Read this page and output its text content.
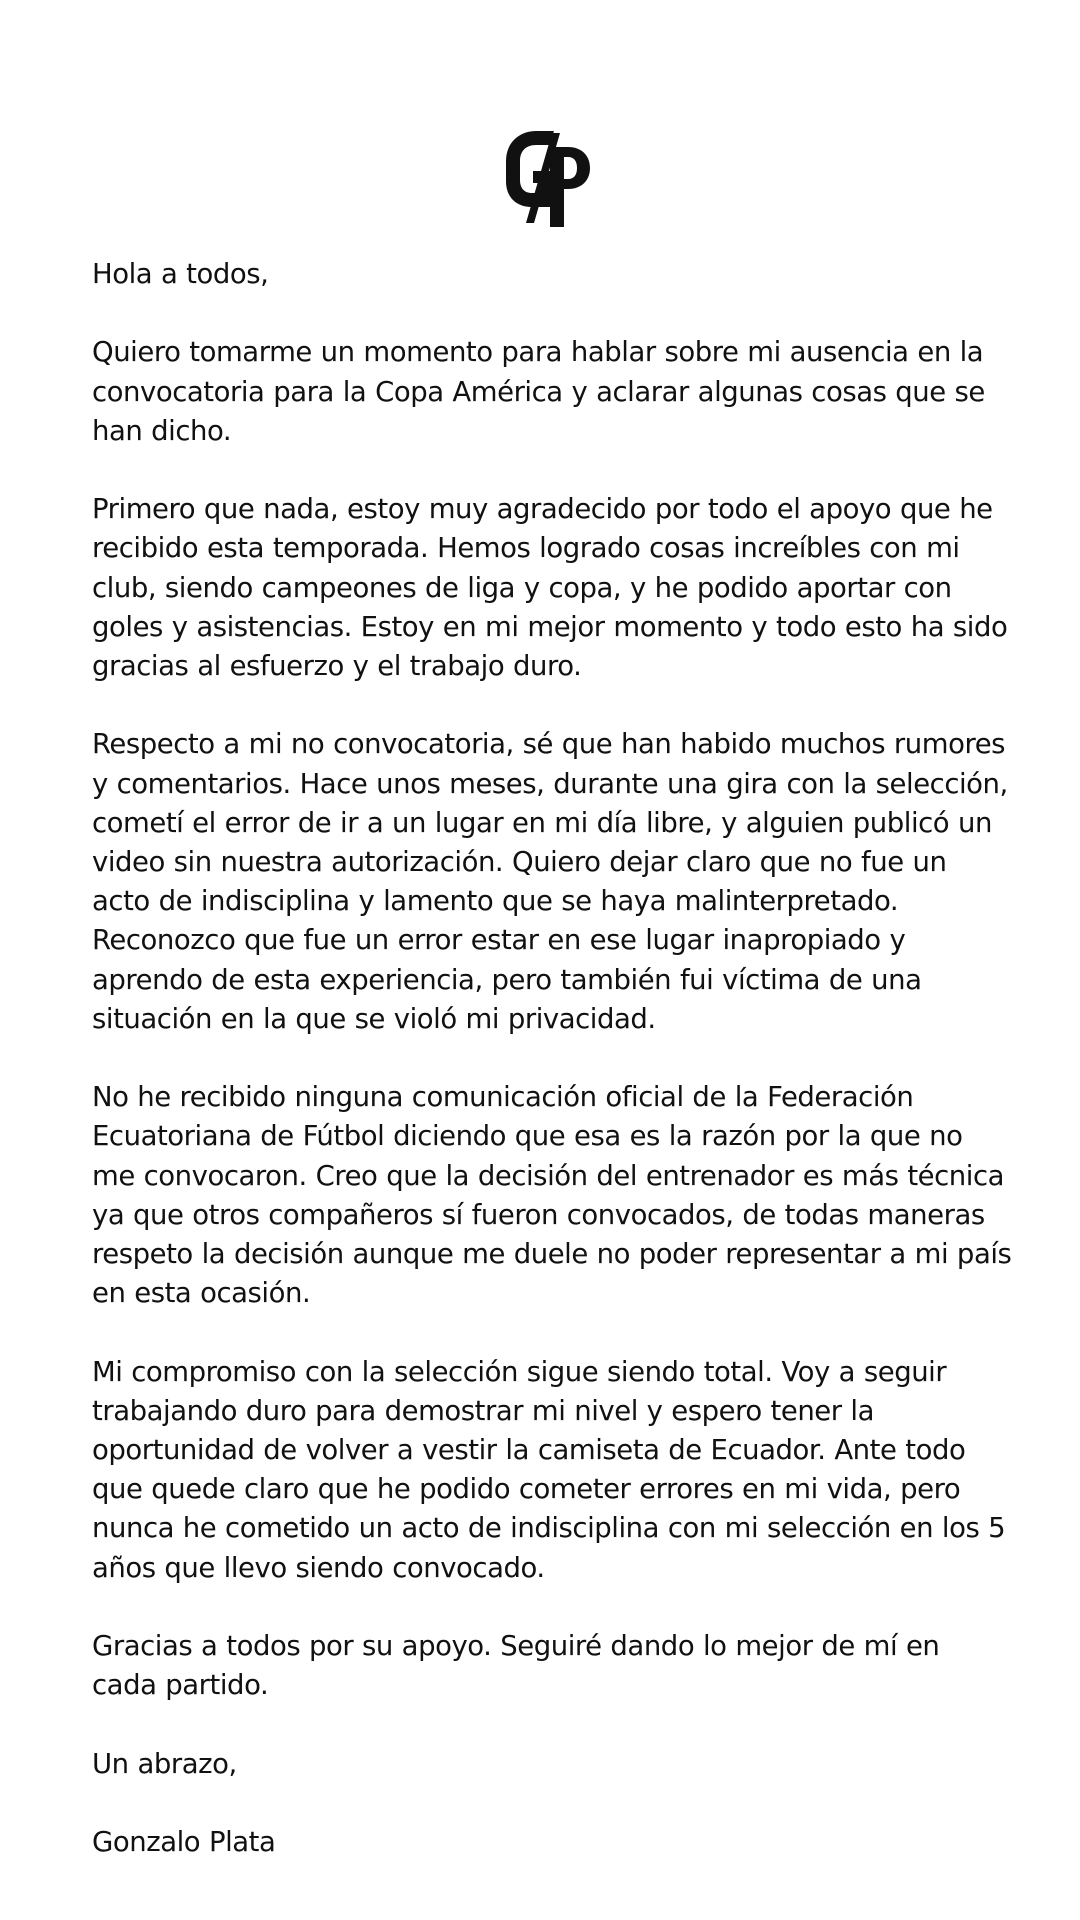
Hola a todos,

Quiero tomarme un momento para hablar sobre mi ausencia en la convocatoria para la Copa América y aclarar algunas cosas que se han dicho.

Primero que nada, estoy muy agradecido por todo el apoyo que he recibido esta temporada. Hemos logrado cosas increíbles con mi club, siendo campeones de liga y copa, y he podido aportar con goles y asistencias. Estoy en mi mejor momento y todo esto ha sido gracias al esfuerzo y el trabajo duro.

Respecto a mi no convocatoria, sé que han habido muchos rumores y comentarios. Hace unos meses, durante una gira con la selección, cometí el error de ir a un lugar en mi día libre, y alguien publicó un video sin nuestra autorización. Quiero dejar claro que no fue un acto de indisciplina y lamento que se haya malinterpretado. Reconozco que fue un error estar en ese lugar inapropiado y aprendo de esta experiencia, pero también fui víctima de una situación en la que se violó mi privacidad.

No he recibido ninguna comunicación oficial de la Federación Ecuatoriana de Fútbol diciendo que esa es la razón por la que no me convocaron. Creo que la decisión del entrenador es más técnica ya que otros compañeros sí fueron convocados, de todas maneras respeto la decisión aunque me duele no poder representar a mi país en esta ocasión.

Mi compromiso con la selección sigue siendo total. Voy a seguir trabajando duro para demostrar mi nivel y espero tener la oportunidad de volver a vestir la camiseta de Ecuador. Ante todo que quede claro que he podido cometer errores en mi vida, pero nunca he cometido un acto de indisciplina con mi selección en los 5 años que llevo siendo convocado.

Gracias a todos por su apoyo. Seguiré dando lo mejor de mí en cada partido.

Un abrazo,

Gonzalo Plata
